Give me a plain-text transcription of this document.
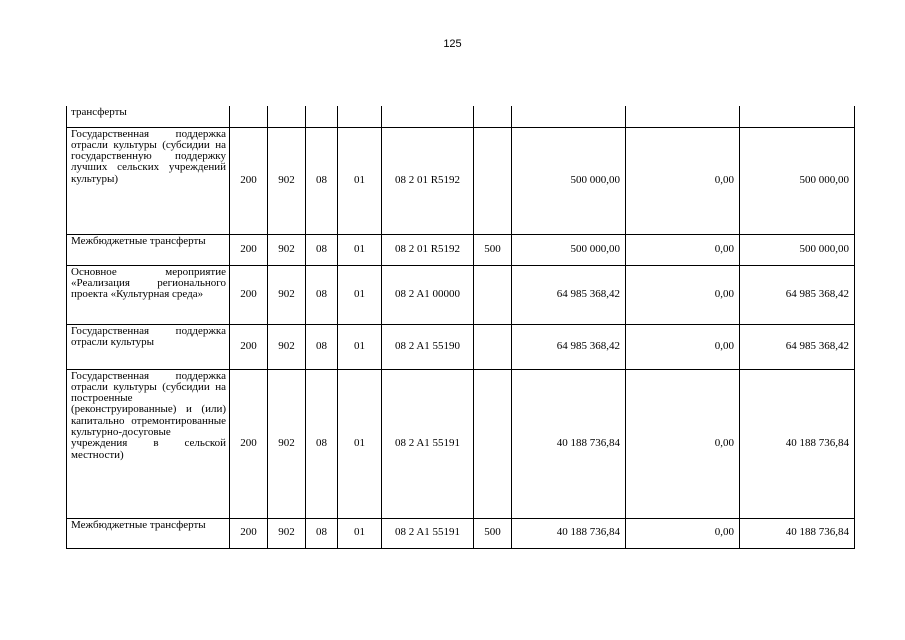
125
трансферты									
Государственная поддержка отрасли культуры (субсидии на государственную поддержку лучших сельских учреждений культуры)	200	902	08	01	08 2 01 R5192		500 000,00	0,00	500 000,00
Межбюджетные трансферты	200	902	08	01	08 2 01 R5192	500	500 000,00	0,00	500 000,00
Основное мероприятие «Реализация регионального проекта «Культурная среда»	200	902	08	01	08 2 A1 00000		64 985 368,42	0,00	64 985 368,42
Государственная поддержка отрасли культуры	200	902	08	01	08 2 A1 55190		64 985 368,42	0,00	64 985 368,42
Государственная поддержка отрасли культуры (субсидии на построенные (реконструированные) и (или) капитально отремонтированные культурно-досуговые учреждения в сельской местности)	200	902	08	01	08 2 A1 55191		40 188 736,84	0,00	40 188 736,84
Межбюджетные трансферты	200	902	08	01	08 2 A1 55191	500	40 188 736,84	0,00	40 188 736,84
